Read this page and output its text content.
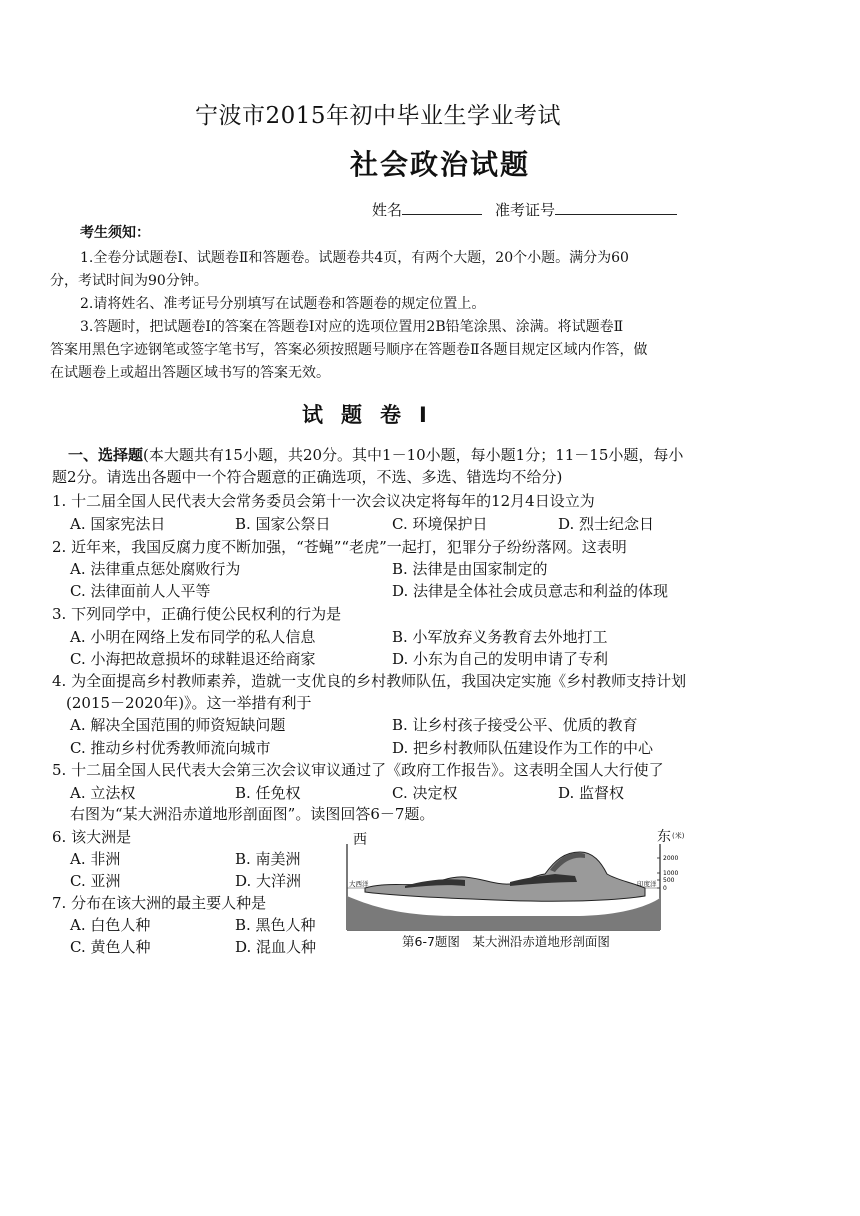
宁波市2015年初中毕业生学业考试
社会政治试题
姓名	准考证号
考生须知：
1.全卷分试题卷Ⅰ、试题卷Ⅱ和答题卷。试题卷共4页，有两个大题，20个小题。满分为60
分，考试时间为90分钟。
2.请将姓名、准考证号分别填写在试题卷和答题卷的规定位置上。
3.答题时，把试题卷Ⅰ的答案在答题卷Ⅰ对应的选项位置用2B铅笔涂黑、涂满。将试题卷Ⅱ
答案用黑色字迹钢笔或签字笔书写，答案必须按照题号顺序在答题卷Ⅱ各题目规定区域内作答，做
在试题卷上或超出答题区域书写的答案无效。
试题卷Ⅰ
一、选择题(本大题共有15小题，共20分。其中1－10小题，每小题1分；11－15小题，每小
题2分。请选出各题中一个符合题意的正确选项，不选、多选、错选均不给分)
1. 十二届全国人民代表大会常务委员会第十一次会议决定将每年的12月4日设立为
A. 国家宪法日	B. 国家公祭日	C. 环境保护日	D. 烈士纪念日
2. 近年来，我国反腐力度不断加强，“苍蝇”“老虎”一起打，犯罪分子纷纷落网。这表明
A. 法律重点惩处腐败行为	B. 法律是由国家制定的
C. 法律面前人人平等	D. 法律是全体社会成员意志和利益的体现
3. 下列同学中，正确行使公民权利的行为是
A. 小明在网络上发布同学的私人信息	B. 小军放弃义务教育去外地打工
C. 小海把故意损坏的球鞋退还给商家	D. 小东为自己的发明申请了专利
4. 为全面提高乡村教师素养，造就一支优良的乡村教师队伍，我国决定实施《乡村教师支持计划
(2015－2020年)》。这一举措有利于
A. 解决全国范围的师资短缺问题	B. 让乡村孩子接受公平、优质的教育
C. 推动乡村优秀教师流向城市	D. 把乡村教师队伍建设作为工作的中心
5. 十二届全国人民代表大会第三次会议审议通过了《政府工作报告》。这表明全国人大行使了
A. 立法权	B. 任免权	C. 决定权	D. 监督权
右图为“某大洲沿赤道地形剖面图”。读图回答6－7题。
6. 该大洲是
A. 非洲	B. 南美洲
C. 亚洲	D. 大洋洲
7. 分布在该大洲的最主要人种是
A. 白色人种	B. 黑色人种
C. 黄色人种	D. 混血人种
西	东 (米)
2000
1000
500
0
大西洋	印度洋
第6-7题图　某大洲沿赤道地形剖面图
